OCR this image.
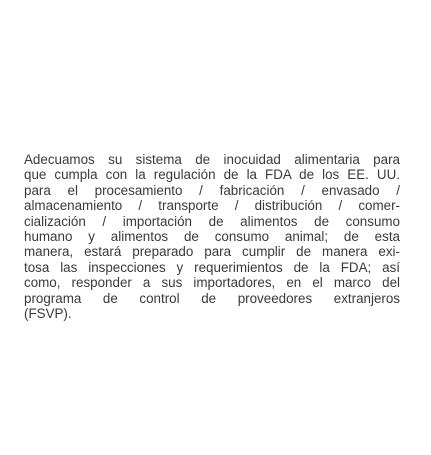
Adecuamos su sistema de inocuidad alimentaria para
que cumpla con la regulación de la FDA de los EE. UU.
para el procesamiento / fabricación / envasado /
almacenamiento / transporte / distribución / comer-
cialización / importación de alimentos de consumo
humano y alimentos de consumo animal; de esta
manera, estará preparado para cumplir de manera exi-
tosa las inspecciones y requerimientos de la FDA; así
como, responder a sus importadores, en el marco del
programa de control de proveedores extranjeros
(FSVP).
